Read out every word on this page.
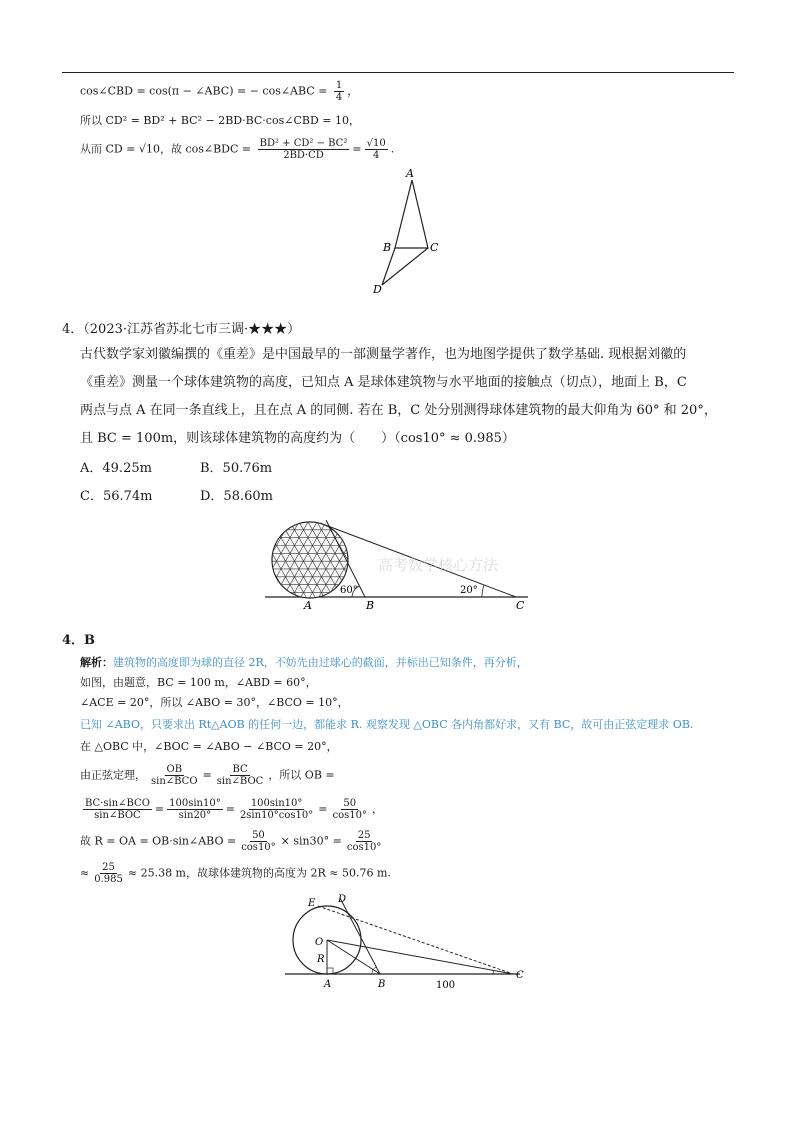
cos∠CBD = cos(π − ∠ABC) = − cos∠ABC = $\frac{1}{4}$ ，
所以 CD² = BD² + BC² − 2BD·BC·cos∠CBD = 10，
从而 CD = √10，故 cos∠BDC = $\frac{\text{BD² + CD² − BC²}}{2BD\cdot CD} = \frac{√10}{4}$ .
A
B	C
D
4．（2023·江苏省苏北七市三调·★★★）
古代数学家刘徽编撰的《重差》是中国最早的一部测量学著作，也为地图学提供了数学基础. 现根据刘徽的
《重差》测量一个球体建筑物的高度，已知点 A 是球体建筑物与水平地面的接触点（切点），地面上 B，C
两点与点 A 在同一条直线上，且在点 A 的同侧. 若在 B，C 处分别测得球体建筑物的最大仰角为 60° 和 20°，
且 BC = 100m，则该球体建筑物的高度约为（　　）（cos10° ≈ 0.985）
A．49.25m	B．50.76m
C．56.74m	D．58.60m
60°	20°
A	B	C
高考数学核心方法
4．B
解析：建筑物的高度即为球的直径 2R，不妨先由过球心的截面，并标出已知条件，再分析，
如图，由题意，BC = 100 m，∠ABD = 60°，
∠ACE = 20°，所以 ∠ABO = 30°，∠BCO = 10°，
已知 ∠ABO，只要求出 Rt△AOB 的任何一边，都能求 R. 观察发现 △OBC 各内角都好求，又有 BC，故可由正弦定理求 OB.
在 △OBC 中，∠BOC = ∠ABO − ∠BCO = 20°，
由正弦定理， $\frac{OB}{\text{sin∠BCO}} = \frac{BC}{\text{sin∠BOC}}$ ，所以 OB =
$\frac{\text{BC·sin∠BCO}}{\text{sin∠BOC}} = \frac{100\sin 10^\circ}{\sin 20^\circ} = \frac{100\sin 10^\circ}{2\sin 10^\circ\cos 10^\circ} = \frac{50}{\cos 10^\circ}$ ，
故 R = OA = OB·sin∠ABO = $\frac{50}{\cos 10^\circ} \times \sin 30^\circ = \frac{25}{\cos 10^\circ}$
≈ $\frac{25}{0.985} \approx 25.38$ m，故球体建筑物的高度为 2R ≈ 50.76 m.
E D
O
R
A	B
C
100
